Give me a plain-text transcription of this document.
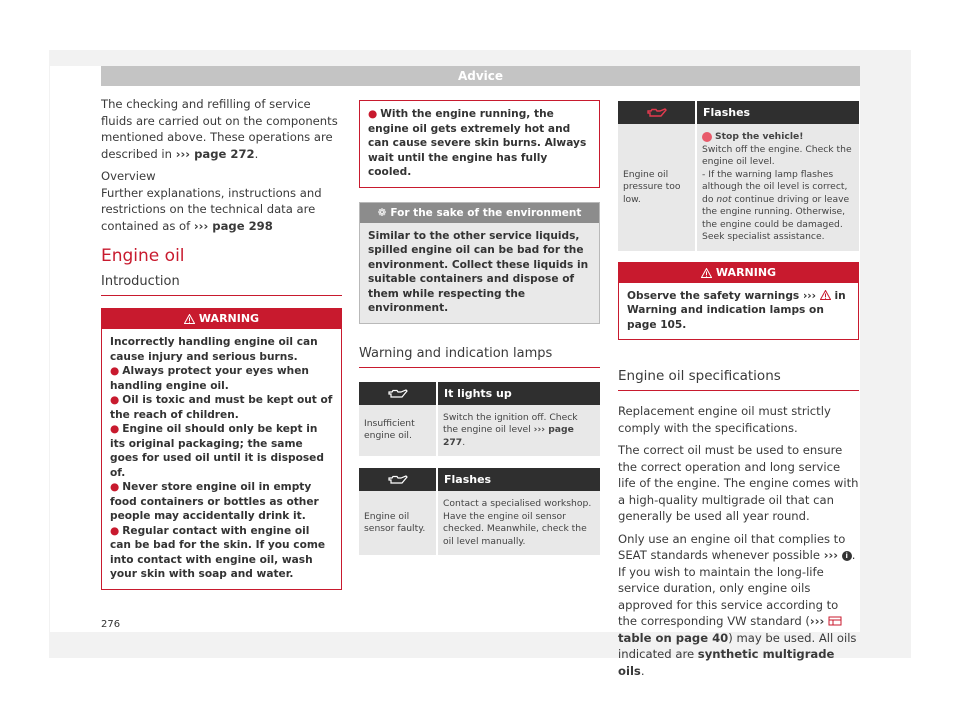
Advice

The checking and refilling of service fluids are carried out on the components mentioned above. These operations are described in ››› page 272.

Overview

Further explanations, instructions and restrictions on the technical data are contained as of ››› page 298

Engine oil
Introduction
WARNING
Incorrectly handling engine oil can cause injury and serious burns.
● Always protect your eyes when handling engine oil.
● Oil is toxic and must be kept out of the reach of children.
● Engine oil should only be kept in its original packaging; the same goes for used oil until it is disposed of.
● Never store engine oil in empty food containers or bottles as other people may accidentally drink it.
● Regular contact with engine oil can be bad for the skin. If you come into contact with engine oil, wash your skin with soap and water.
● With the engine running, the engine oil gets extremely hot and can cause severe skin burns. Always wait until the engine has fully cooled.
❁ For the sake of the environment
Similar to the other service liquids, spilled engine oil can be bad for the environment. Collect these liquids in suitable containers and dispose of them while respecting the environment.
Warning and indication lamps
	It lights up
Insufficient engine oil.	Switch the ignition off. Check the engine oil level ››› page 277.
	Flashes
Engine oil sensor faulty.	Contact a specialised workshop. Have the engine oil sensor checked. Meanwhile, check the oil level manually.
	Flashes
Engine oil pressure too low.	Stop the vehicle!
Switch off the engine. Check the engine oil level.
- If the warning lamp flashes although the oil level is correct, do not continue driving or leave the engine running. Otherwise, the engine could be damaged. Seek specialist assistance.
WARNING
Observe the safety warnings ››› in Warning and indication lamps on page 105.
Engine oil specifications

Replacement engine oil must strictly comply with the specifications.

The correct oil must be used to ensure the correct operation and long service life of the engine. The engine comes with a high-quality multigrade oil that can generally be used all year round.

Only use an engine oil that complies to SEAT standards whenever possible ››› i . If you wish to maintain the long-life service duration, only engine oils approved for this service according to the corresponding VW standard (›››  table on page 40) may be used. All oils indicated are synthetic multigrade oils.

276
